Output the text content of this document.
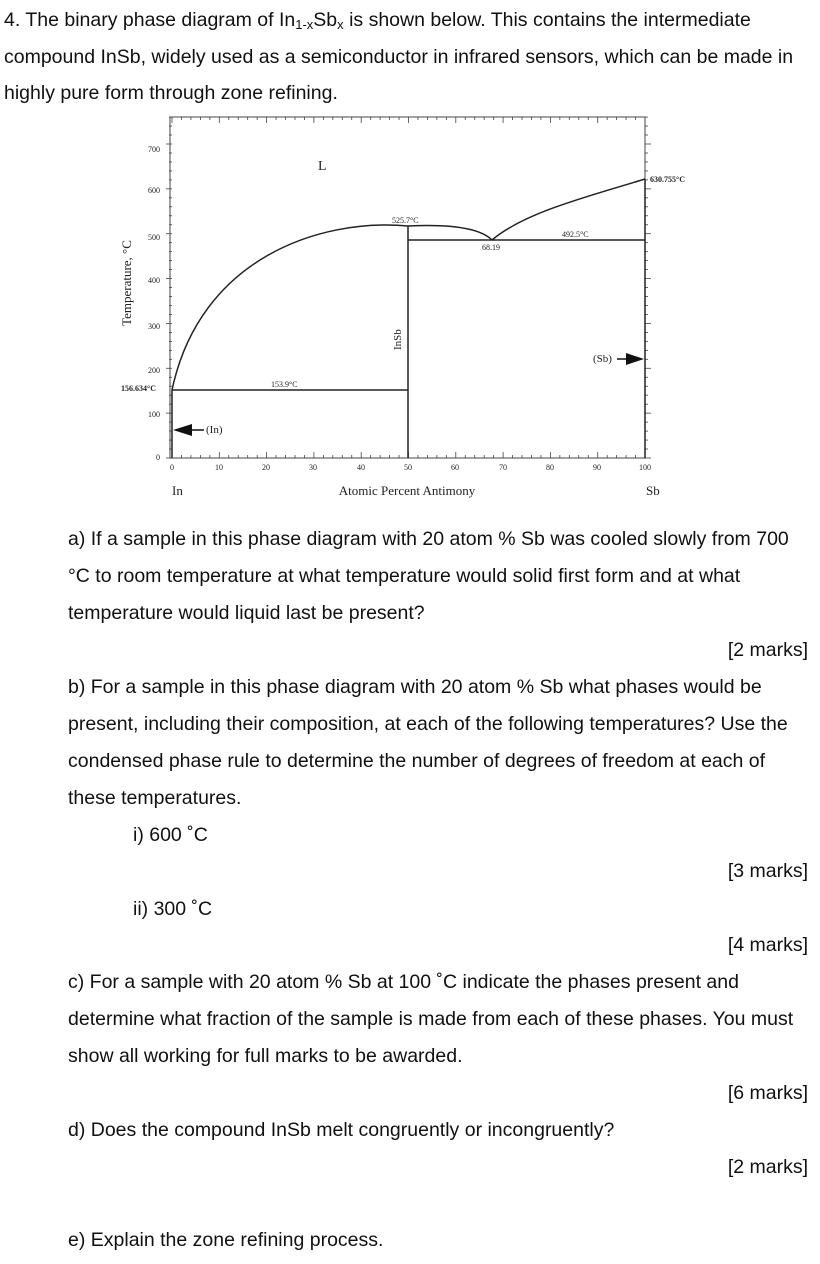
4. The binary phase diagram of $In_{1-x}Sb_x$ is shown below. This contains the intermediate compound InSb, widely used as a semiconductor in infrared sensors, which can be made in highly pure form through zone refining.
700
600
500
400
300
200
100
0
0	10	20	30	40	50	60	70	80	90	100
L
525.7°C
68.19
492.5°C
630.755°C
153.9°C
156.634°C
(In)
(Sb)
InSb
Temperature, °C
Atomic Percent Antimony
In	Sb
a) If a sample in this phase diagram with 20 atom % Sb was cooled slowly from 700 °C to room temperature at what temperature would solid first form and at what temperature would liquid last be present?
[2 marks]
b) For a sample in this phase diagram with 20 atom % Sb what phases would be present, including their composition, at each of the following temperatures? Use the condensed phase rule to determine the number of degrees of freedom at each of these temperatures.
i) 600 ˚C
[3 marks]
ii) 300 ˚C
[4 marks]
c) For a sample with 20 atom % Sb at 100 ˚C indicate the phases present and determine what fraction of the sample is made from each of these phases. You must show all working for full marks to be awarded.
[6 marks]
d) Does the compound InSb melt congruently or incongruently?
[2 marks]
e) Explain the zone refining process.
